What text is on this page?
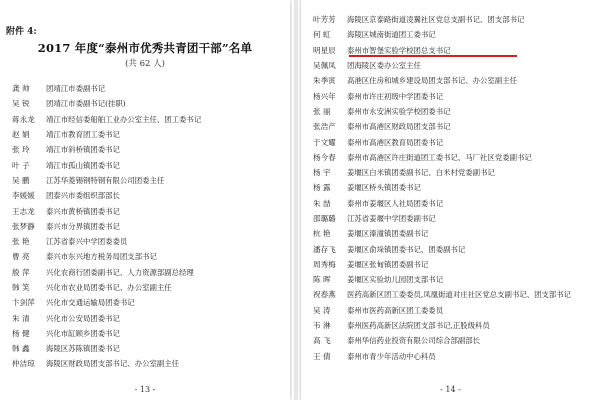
附件 4:
2017 年度“泰州市优秀共青团干部”名单
(共 62 人)
龚 帅	团靖江市委副书记
吴 锐	团靖江市委副书记(挂职)
蒋永龙	靖江市经信委船舶工业办公室主任、团工委书记
赵 娟	靖江市教育团工委书记
张 玲	靖江市斜桥镇团委书记
叶 子	靖江市孤山镇团委书记
吴 鹏	江苏华菱锡钢特钢有限公司团委主任
李媛媛	团泰兴市委组织部部长
王志龙	泰兴市黄桥镇团委书记
张梦静	泰兴市分界镇团委书记
张 艳	江苏省泰兴中学团委委员
曹 亮	泰兴市东兴地方税务局团支部书记
殷 萍	兴化农商行团委副书记、人力资源部副总经理
韩 笑	兴化市农业局团委书记、办公室副主任
卞剑萍	兴化市交通运输局团委书记
朱 清	兴化市公安局团委书记
杨 健	兴化市缸顾乡团委书记
韩 鑫	海陵区苏陈镇团委书记
仲洁琼	海陵区财政局团支部书记、办公室副主任
- 13 -
叶芳芳	海陵区京泰路街道凌翼社区党总支副书记、团支部书记
何 虹	海陵区城南街道团工委书记
明星辰	泰州市智堡实验学校团总支书记
吴佩凤	团海陵区委办公室主任
朱季寅	高港区住房和城乡建设局团支部书记、办公室副主任
杨兴年	泰州市许庄初级中学团委书记
张 丽	泰州市永安洲实验学校团委书记
张浩产	泰州市高港区财政局团支部书记
于文耀	泰州市高港区教育局团委书记
杨今春	泰州市高港区许庄街道团工委书记、马厂社区党委副书记
杨 宇	姜堰区白米镇团委副书记、白米村党委副书记
杨 露	姜堰区桥头镇团委书记
朱 喆	泰州市姜堰区人社局团委书记
邵璐璐	江苏省姜堰中学团委副书记
杭 艳	姜堰区溱潼镇团委副书记
潘存飞	姜堰区俞垛镇团委书记、团委副书记
周秀梅	姜堰区张甸镇团委副书记
陈 晖	姜堰区实验幼儿园团支部书记
祝春燕	医药高新区团工委委员,凤凰街道对庄社区党总支副书记、团支部书记
吴 涛	泰州市医药高新区团工委委员
韦 淋	泰州医药高新区法院团支部书记,正股级科员
高 飞	泰州华信药业投资有限公司综合部副部长
王 倩	泰州市青少年活动中心科员
- 14 -
